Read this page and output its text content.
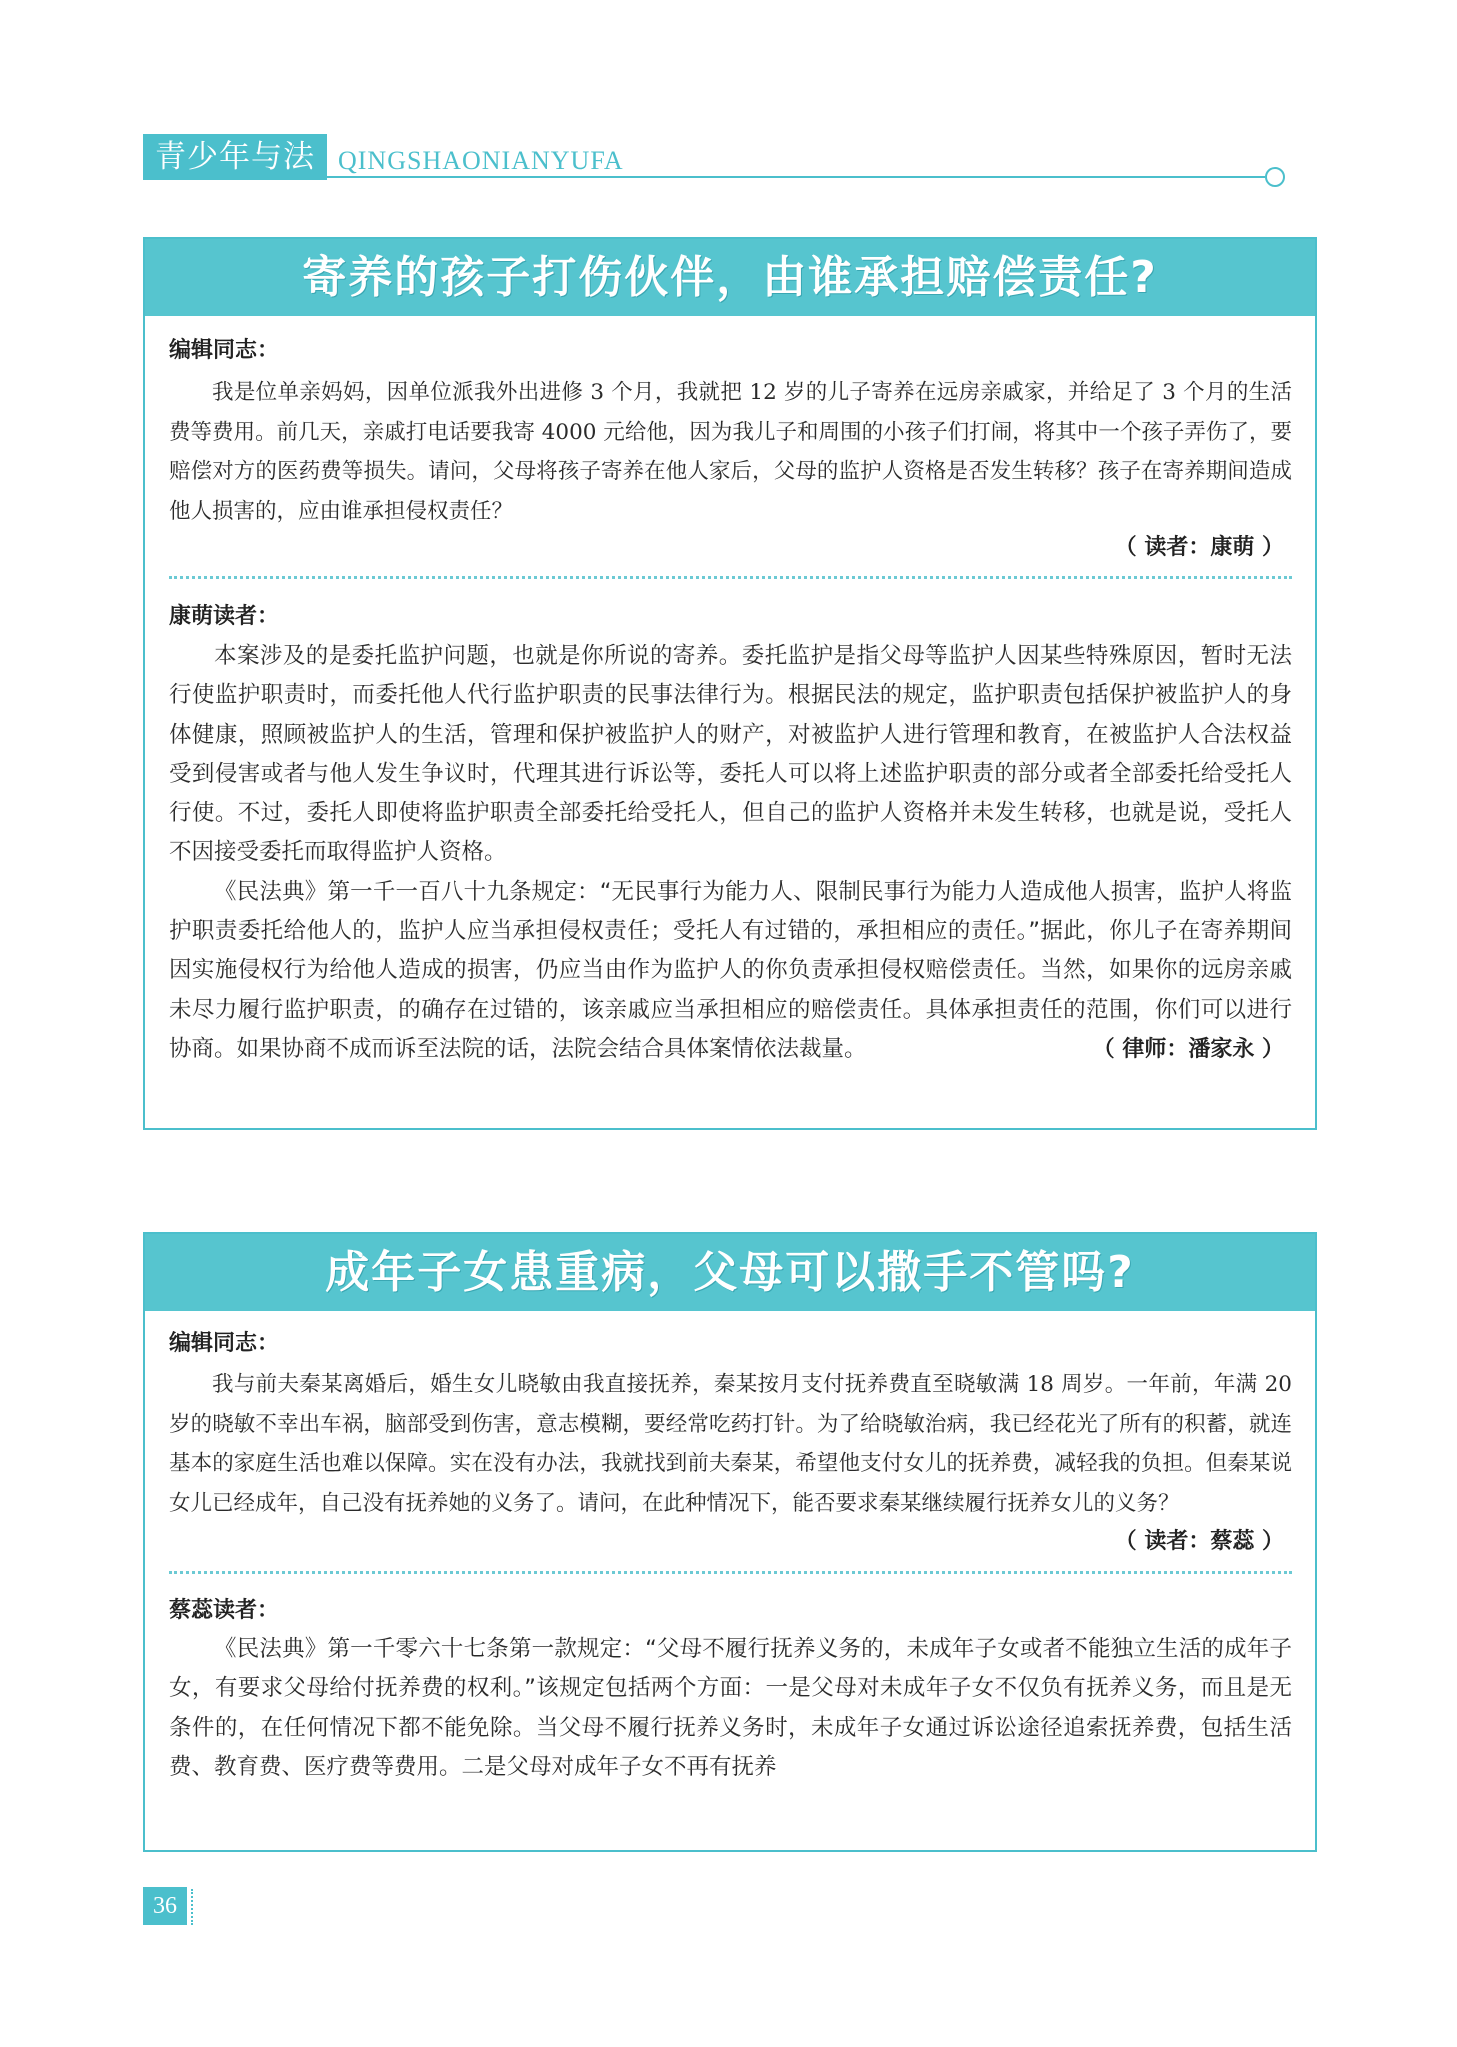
青少年与法 QINGSHAONIANYUFA
寄养的孩子打伤伙伴，由谁承担赔偿责任?
编辑同志：

我是位单亲妈妈，因单位派我外出进修 3 个月，我就把 12 岁的儿子寄养在远房亲戚家，并给足了 3 个月的生活费等费用。前几天，亲戚打电话要我寄 4000 元给他，因为我儿子和周围的小孩子们打闹，将其中一个孩子弄伤了，要赔偿对方的医药费等损失。请问，父母将孩子寄养在他人家后，父母的监护人资格是否发生转移？孩子在寄养期间造成他人损害的，应由谁承担侵权责任？

（ 读者：康萌 ）
康萌读者：

本案涉及的是委托监护问题，也就是你所说的寄养。委托监护是指父母等监护人因某些特殊原因，暂时无法行使监护职责时，而委托他人代行监护职责的民事法律行为。根据民法的规定，监护职责包括保护被监护人的身体健康，照顾被监护人的生活，管理和保护被监护人的财产，对被监护人进行管理和教育，在被监护人合法权益受到侵害或者与他人发生争议时，代理其进行诉讼等，委托人可以将上述监护职责的部分或者全部委托给受托人行使。不过，委托人即使将监护职责全部委托给受托人，但自己的监护人资格并未发生转移，也就是说，受托人不因接受委托而取得监护人资格。

《民法典》第一千一百八十九条规定：“无民事行为能力人、限制民事行为能力人造成他人损害，监护人将监护职责委托给他人的，监护人应当承担侵权责任；受托人有过错的，承担相应的责任。”据此，你儿子在寄养期间因实施侵权行为给他人造成的损害，仍应当由作为监护人的你负责承担侵权赔偿责任。当然，如果你的远房亲戚未尽力履行监护职责，的确存在过错的，该亲戚应当承担相应的赔偿责任。具体承担责任的范围，你们可以进行协商。如果协商不成而诉至法院的话，法院会结合具体案情依法裁量。	（ 律师：潘家永 ）

成年子女患重病，父母可以撒手不管吗?
编辑同志：

我与前夫秦某离婚后，婚生女儿晓敏由我直接抚养，秦某按月支付抚养费直至晓敏满 18 周岁。一年前，年满 20 岁的晓敏不幸出车祸，脑部受到伤害，意志模糊，要经常吃药打针。为了给晓敏治病，我已经花光了所有的积蓄，就连基本的家庭生活也难以保障。实在没有办法，我就找到前夫秦某，希望他支付女儿的抚养费，减轻我的负担。但秦某说女儿已经成年，自己没有抚养她的义务了。请问，在此种情况下，能否要求秦某继续履行抚养女儿的义务？

（ 读者：蔡蕊 ）
蔡蕊读者：

《民法典》第一千零六十七条第一款规定：“父母不履行抚养义务的，未成年子女或者不能独立生活的成年子女，有要求父母给付抚养费的权利。”该规定包括两个方面：一是父母对未成年子女不仅负有抚养义务，而且是无条件的，在任何情况下都不能免除。当父母不履行抚养义务时，未成年子女通过诉讼途径追索抚养费，包括生活费、教育费、医疗费等费用。二是父母对成年子女不再有抚养

36
